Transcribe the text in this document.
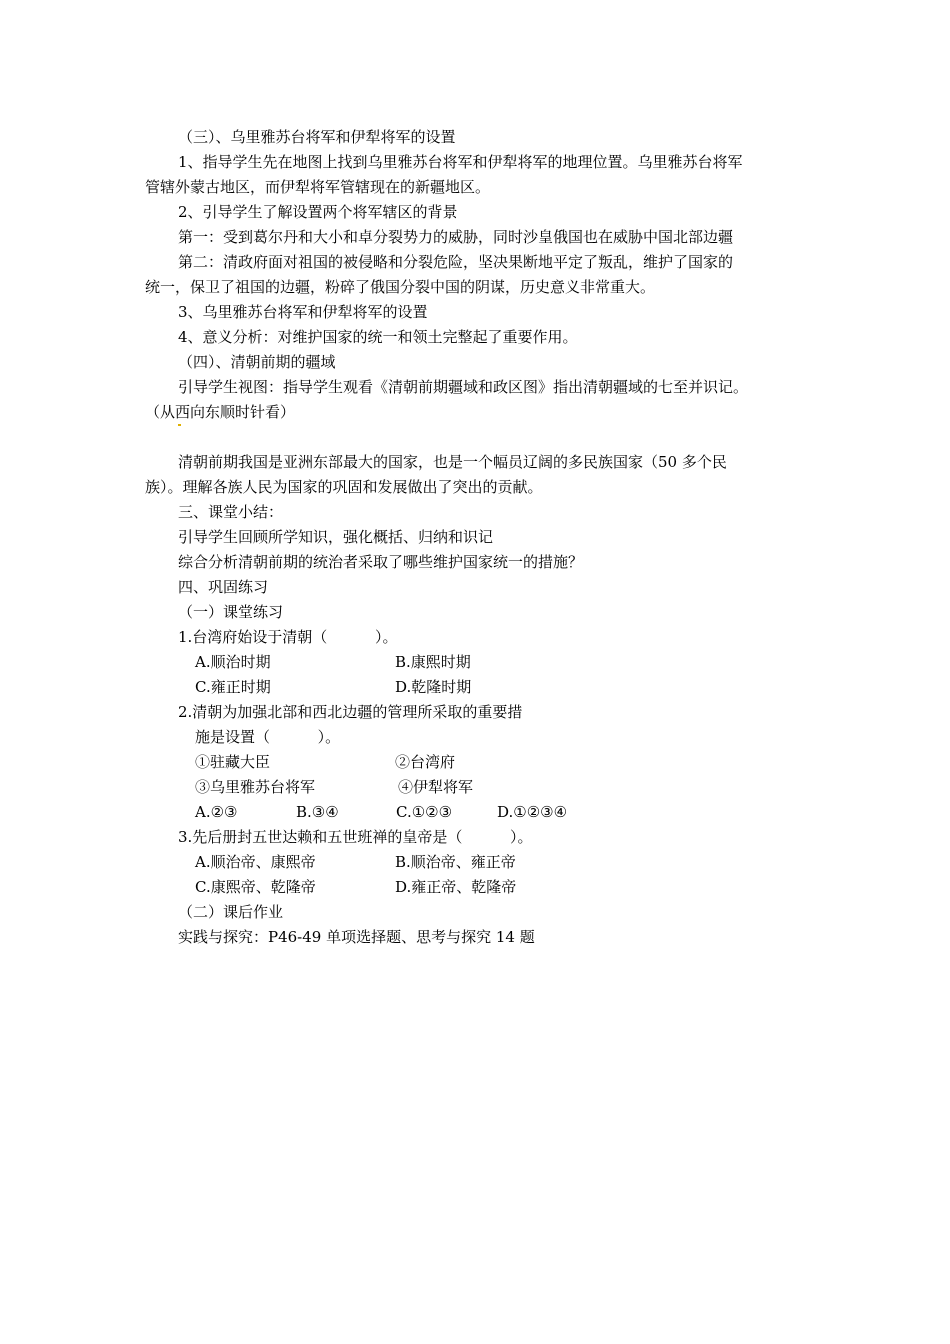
（三）、乌里雅苏台将军和伊犁将军的设置
1、指导学生先在地图上找到乌里雅苏台将军和伊犁将军的地理位置。乌里雅苏台将军
管辖外蒙古地区，而伊犁将军管辖现在的新疆地区。
2、引导学生了解设置两个将军辖区的背景
第一：受到葛尔丹和大小和卓分裂势力的威胁，同时沙皇俄国也在威胁中国北部边疆
第二：清政府面对祖国的被侵略和分裂危险，坚决果断地平定了叛乱，维护了国家的
统一，保卫了祖国的边疆，粉碎了俄国分裂中国的阴谋，历史意义非常重大。
3、乌里雅苏台将军和伊犁将军的设置
4、意义分析：对维护国家的统一和领土完整起了重要作用。
（四）、清朝前期的疆域
引导学生视图：指导学生观看《清朝前期疆域和政区图》指出清朝疆域的七至并识记。
（从西向东顺时针看）
清朝前期我国是亚洲东部最大的国家，也是一个幅员辽阔的多民族国家（50 多个民
族）。理解各族人民为国家的巩固和发展做出了突出的贡献。
三、课堂小结：
引导学生回顾所学知识，强化概括、归纳和识记
综合分析清朝前期的统治者采取了哪些维护国家统一的措施？
四、巩固练习
（一）课堂练习
1.台湾府始设于清朝（          ）。
A.顺治时期	B.康熙时期
C.雍正时期	D.乾隆时期
2.清朝为加强北部和西北边疆的管理所采取的重要措
施是设置（          ）。
①驻藏大臣	②台湾府
③乌里雅苏台将军	④伊犁将军
A.②③	B.③④	C.①②③	D.①②③④
3.先后册封五世达赖和五世班禅的皇帝是（          ）。
A.顺治帝、康熙帝	B.顺治帝、雍正帝
C.康熙帝、乾隆帝	D.雍正帝、乾隆帝
（二）课后作业
实践与探究：P46-49 单项选择题、思考与探究 14 题
